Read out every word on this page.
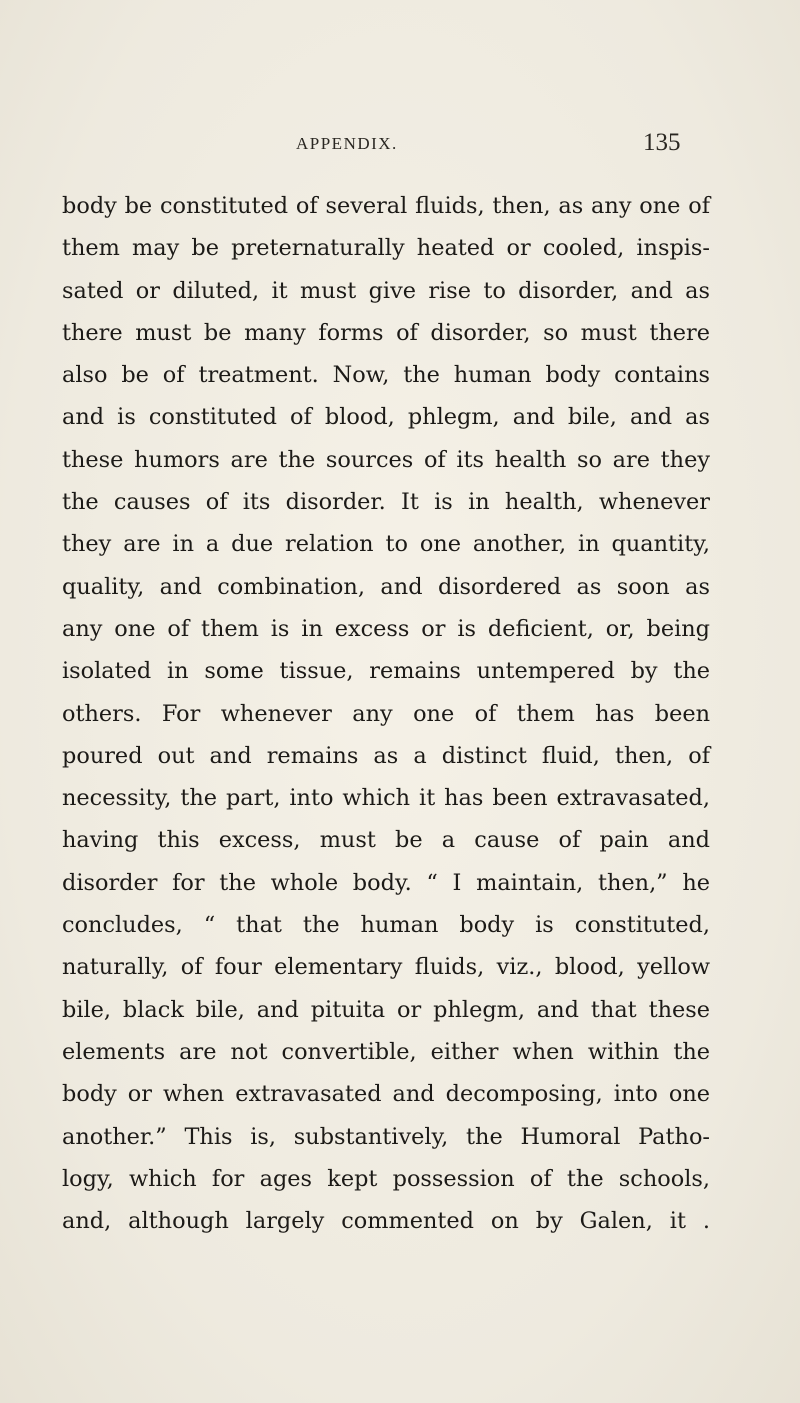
APPENDIX.	135
body be constituted of several fluids, then, as any one of
them may be preternaturally heated or cooled, inspis-
sated or diluted, it must give rise to disorder, and as
there must be many forms of disorder, so must there
also be of treatment. Now, the human body contains
and is constituted of blood, phlegm, and bile, and as
these humors are the sources of its health so are they
the causes of its disorder. It is in health, whenever
they are in a due relation to one another, in quantity,
quality, and combination, and disordered as soon as
any one of them is in excess or is deficient, or, being
isolated in some tissue, remains untempered by the
others. For whenever any one of them has been
poured out and remains as a distinct fluid, then, of
necessity, the part, into which it has been extravasated,
having this excess, must be a cause of pain and
disorder for the whole body. “ I maintain, then,” he
concludes, “ that the human body is constituted,
naturally, of four elementary fluids, viz., blood, yellow
bile, black bile, and pituita or phlegm, and that these
elements are not convertible, either when within the
body or when extravasated and decomposing, into one
another.” This is, substantively, the Humoral Patho-
logy, which for ages kept possession of the schools,
and, although largely commented on by Galen, it .
